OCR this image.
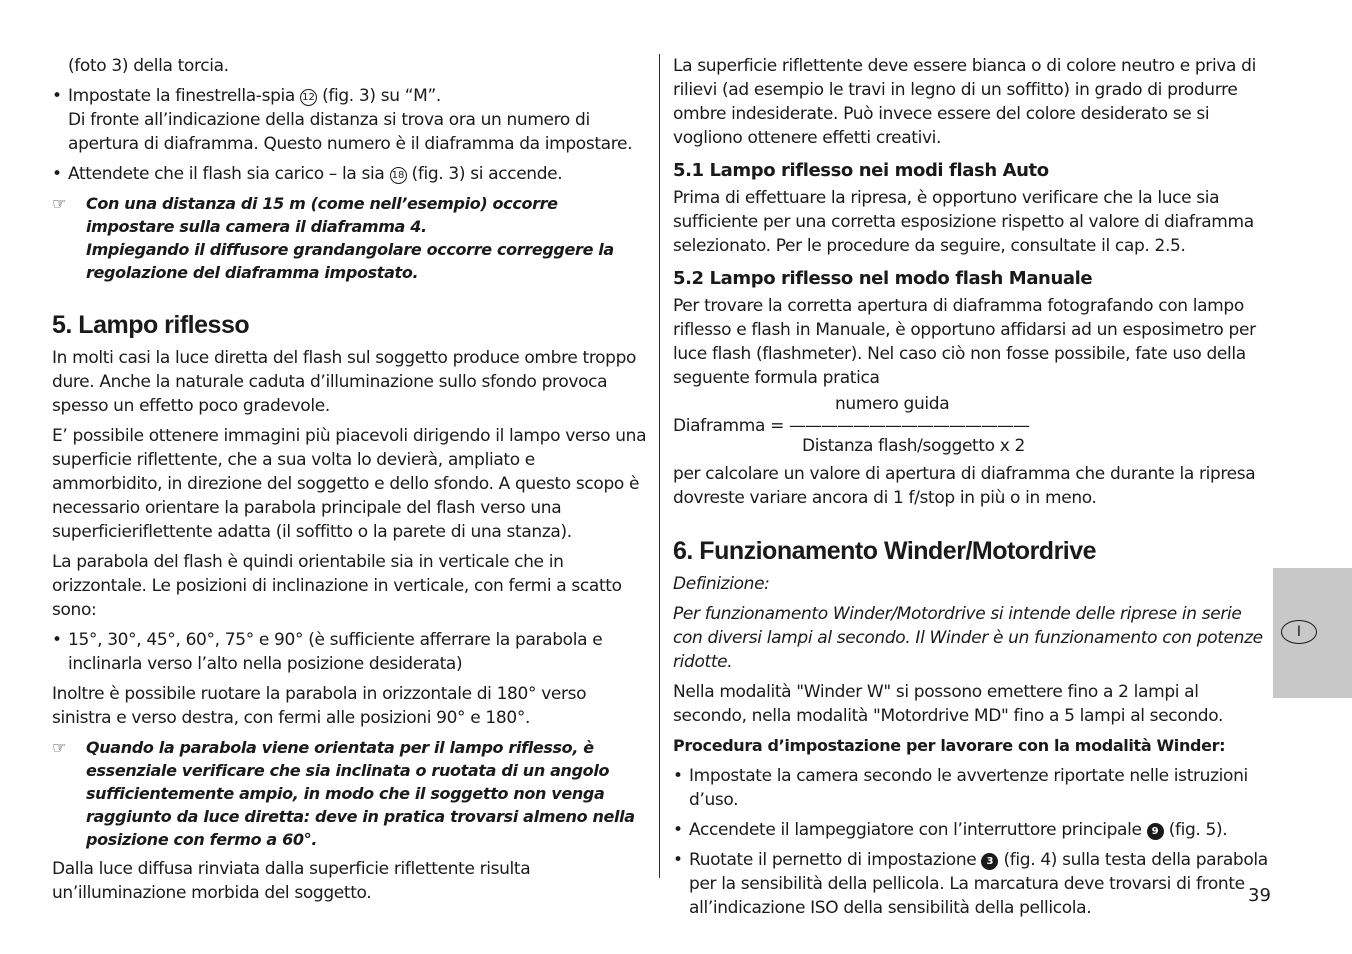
(foto 3) della torcia.

• Impostate la finestrella-spia 12 (fig. 3) su “M”.
Di fronte all’indicazione della distanza si trova ora un numero di apertura di diaframma. Questo numero è il diaframma da impostare.
• Attendete che il flash sia carico – la sia 18 (fig. 3) si accende.
☞ Con una distanza di 15 m (come nell’esempio) occorre impostare sulla camera il diaframma 4.
Impiegando il diffusore grandangolare occorre correggere la regolazione del diaframma impostato.
5. Lampo riflesso

In molti casi la luce diretta del flash sul soggetto produce ombre troppo dure. Anche la naturale caduta d’illuminazione sullo sfondo provoca spesso un effetto poco gradevole.

E’ possibile ottenere immagini più piacevoli dirigendo il lampo verso una superficie riflettente, che a sua volta lo devierà, ampliato e ammorbidito, in direzione del soggetto e dello sfondo. A questo scopo è necessario orientare la parabola principale del flash verso una superficieriflettente adatta (il soffitto o la parete di una stanza).

La parabola del flash è quindi orientabile sia in verticale che in orizzontale. Le posizioni di inclinazione in verticale, con fermi a scatto sono:

• 15°, 30°, 45°, 60°, 75° e 90° (è sufficiente afferrare la parabola e inclinarla verso l’alto nella posizione desiderata)

Inoltre è possibile ruotare la parabola in orizzontale di 180° verso sinistra e verso destra, con fermi alle posizioni 90° e 180°.

☞ Quando la parabola viene orientata per il lampo riflesso, è essenziale verificare che sia inclinata o ruotata di un angolo sufficientemente ampio, in modo che il soggetto non venga raggiunto da luce diretta: deve in pratica trovarsi almeno nella posizione con fermo a 60°.

Dalla luce diffusa rinviata dalla superficie riflettente risulta un’illuminazione morbida del soggetto.

La superficie riflettente deve essere bianca o di colore neutro e priva di rilievi (ad esempio le travi in legno di un soffitto) in grado di produrre ombre indesiderate. Può invece essere del colore desiderato se si vogliono ottenere effetti creativi.

5.1 Lampo riflesso nei modi flash Auto

Prima di effettuare la ripresa, è opportuno verificare che la luce sia sufficiente per una corretta esposizione rispetto al valore di diaframma selezionato. Per le procedure da seguire, consultate il cap. 2.5.

5.2 Lampo riflesso nel modo flash Manuale

Per trovare la corretta apertura di diaframma fotografando con lampo riflesso e flash in Manuale, è opportuno affidarsi ad un esposimetro per luce flash (flashmeter). Nel caso ciò non fosse possibile, fate uso della seguente formula pratica

numero guida
Diaframma = ———————————————
Distanza flash/soggetto x 2

per calcolare un valore di apertura di diaframma che durante la ripresa dovreste variare ancora di 1 f/stop in più o in meno.

6. Funzionamento Winder/Motordrive

Definizione:

Per funzionamento Winder/Motordrive si intende delle riprese in serie con diversi lampi al secondo. Il Winder è un funzionamento con potenze ridotte.

Nella modalità "Winder W" si possono emettere fino a 2 lampi al secondo, nella modalità "Motordrive MD" fino a 5 lampi al secondo.

Procedura d’impostazione per lavorare con la modalità Winder:

• Impostate la camera secondo le avvertenze riportate nelle istruzioni d’uso.
• Accendete il lampeggiatore con l’interruttore principale 9 (fig. 5).
• Ruotate il pernetto di impostazione 3 (fig. 4) sulla testa della parabola per la sensibilità della pellicola. La marcatura deve trovarsi di fronte all’indicazione ISO della sensibilità della pellicola.
I
39
